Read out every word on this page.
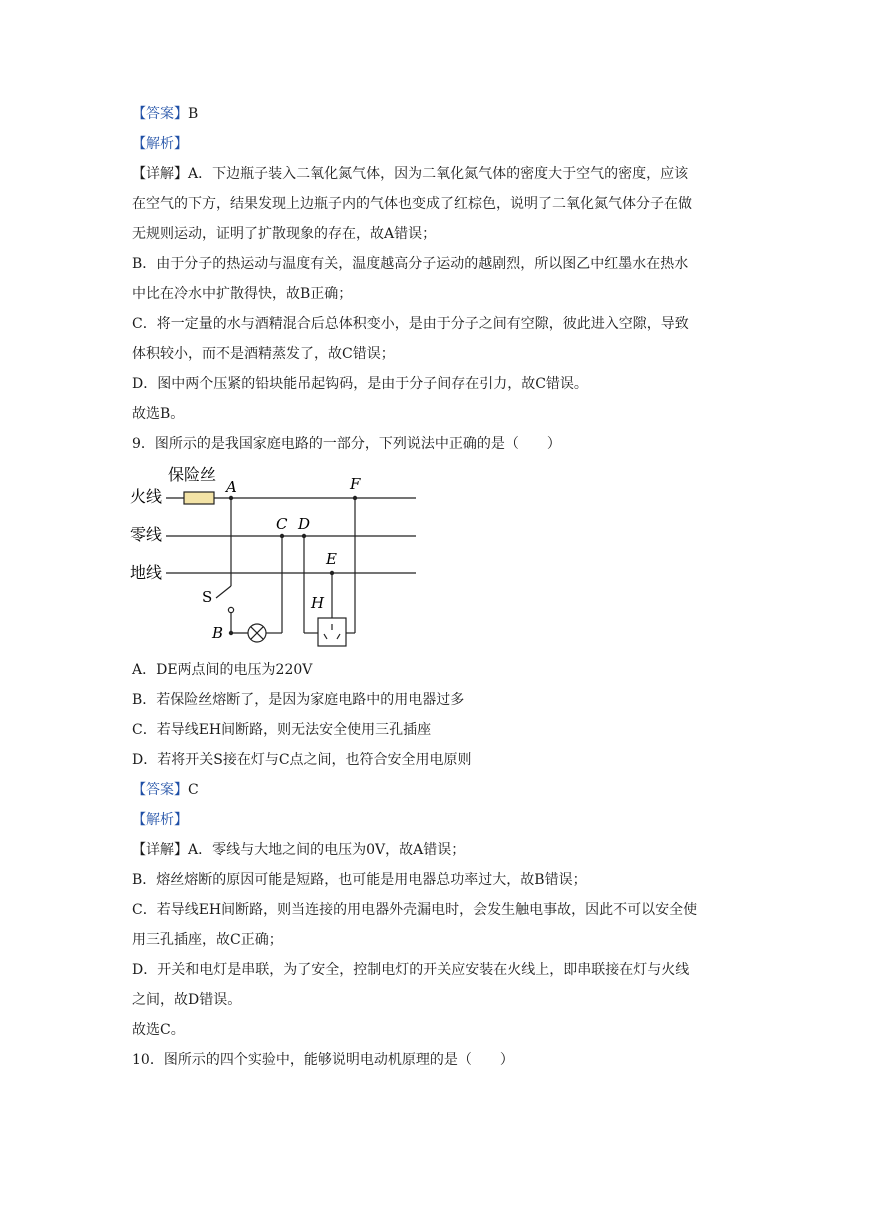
【答案】B
【解析】
【详解】A．下边瓶子装入二氧化氮气体，因为二氧化氮气体的密度大于空气的密度，应该
在空气的下方，结果发现上边瓶子内的气体也变成了红棕色，说明了二氧化氮气体分子在做
无规则运动，证明了扩散现象的存在，故A错误；
B．由于分子的热运动与温度有关，温度越高分子运动的越剧烈，所以图乙中红墨水在热水
中比在冷水中扩散得快，故B正确；
C．将一定量的水与酒精混合后总体积变小，是由于分子之间有空隙，彼此进入空隙，导致
体积较小，而不是酒精蒸发了，故C错误；
D．图中两个压紧的铅块能吊起钩码，是由于分子间存在引力，故C错误。
故选B。
9．图所示的是我国家庭电路的一部分，下列说法中正确的是（　　）
保险丝
火线
零线
地线
A	F
C D
E
H
S
B
A．DE两点间的电压为220V
B．若保险丝熔断了，是因为家庭电路中的用电器过多
C．若导线EH间断路，则无法安全使用三孔插座
D．若将开关S接在灯与C点之间，也符合安全用电原则
【答案】C
【解析】
【详解】A．零线与大地之间的电压为0V，故A错误；
B．熔丝熔断的原因可能是短路，也可能是用电器总功率过大，故B错误；
C．若导线EH间断路，则当连接的用电器外壳漏电时，会发生触电事故，因此不可以安全使
用三孔插座，故C正确；
D．开关和电灯是串联，为了安全，控制电灯的开关应安装在火线上，即串联接在灯与火线
之间，故D错误。
故选C。
10．图所示的四个实验中，能够说明电动机原理的是（　　）
